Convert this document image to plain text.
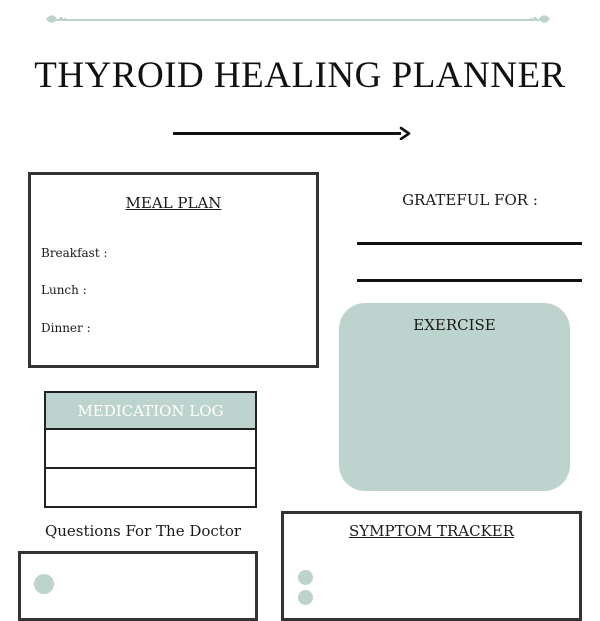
THYROID HEALING PLANNER
MEAL PLAN
Breakfast :
Lunch :
Dinner :
GRATEFUL FOR :
EXERCISE
MEDICATION LOG
Questions For The Doctor	SYMPTOM TRACKER
